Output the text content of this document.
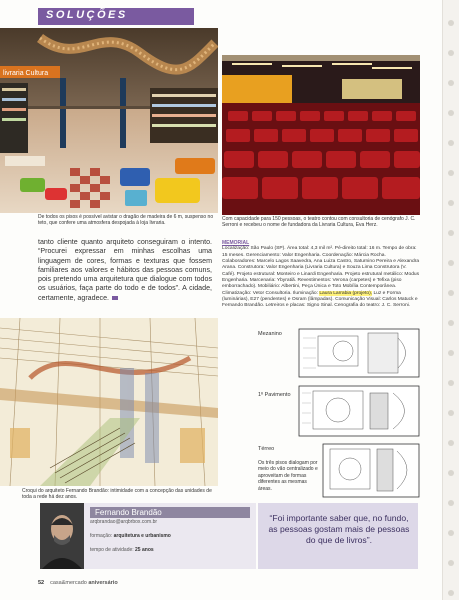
SOLUÇÕES
livraria Cultura
De todos os pisos é possível avistar o dragão de madeira de 6 m, suspenso no teto, que confere uma atmosfera despojada à loja livraria.
Com capacidade para 150 pessoas, o teatro contou com consultoria de cenógrafo J. C. Serroni e recebeu o nome de fundadora da Livraria Cultura, Eva Herz.
tanto cliente quanto arquiteto conseguiram o intento. “Procurei expressar em minhas escolhas uma linguagem de cores, formas e texturas que fossem familiares aos valores e hábitos das pessoas comuns, pois pretendo uma arquitetura que dialogue com todos os usuários, faça parte do todo e de todos”. A cidade, certamente, agradece.
MEMORIAL
Localização: São Paulo (SP). Área total: 4,3 mil m². Pé-direito total: 16 m. Tempo de obra: 15 meses. Gerenciamento: Valor Engenharia. Coordenação: Márcia Rocha. Colaboradores: Marcelo Lagos Saavedra, Ana Luiza Castro, Saturnino Pereira e Alexandra Arana. Construtora: Valor Engenharia (Livraria Cultura) e Souza Lima Construtora (V. Café). Projeto estrutural: Monteiro e Linardi Engenharia. Projeto estrutural metálico: Modus Engenharia. Marcenaria: Ybyratiã. Revestimentos: Verona (carpetes) e Tefixa (piso emborrachado). Mobiliário: Albertini, Peça Única e Toto Mobília Contemporânea. Climatização: Vetor Consultoria. Iluminação: Laura Larrabia (projeto), Luz e Forma (luminárias), E27 (pendentes) e Osram (lâmpadas). Comunicação Visual: Carlos Matuck e Fernando Brandão. Letreiros e placas: Signo Sinal. Cenografia do teatro: J. C. Serroni.
Croqui do arquiteto Fernando Brandão: intimidade com a concepção das unidades de toda a rede há dez anos.
Mezanino
1º Pavimento
Térreo
Os três pisos dialogam por meio do vão centralizado e aproveitam de formas diferentes as mesmas áreas.
Fernando Brandão
arqbrandao@arqbrbox.com.br
formação: arquitetura e urbanismo
tempo de atividade: 25 anos
“Foi importante saber que, no fundo, as pessoas gostam mais de pessoas do que de livros”.
52 casa&mercado aniversário
